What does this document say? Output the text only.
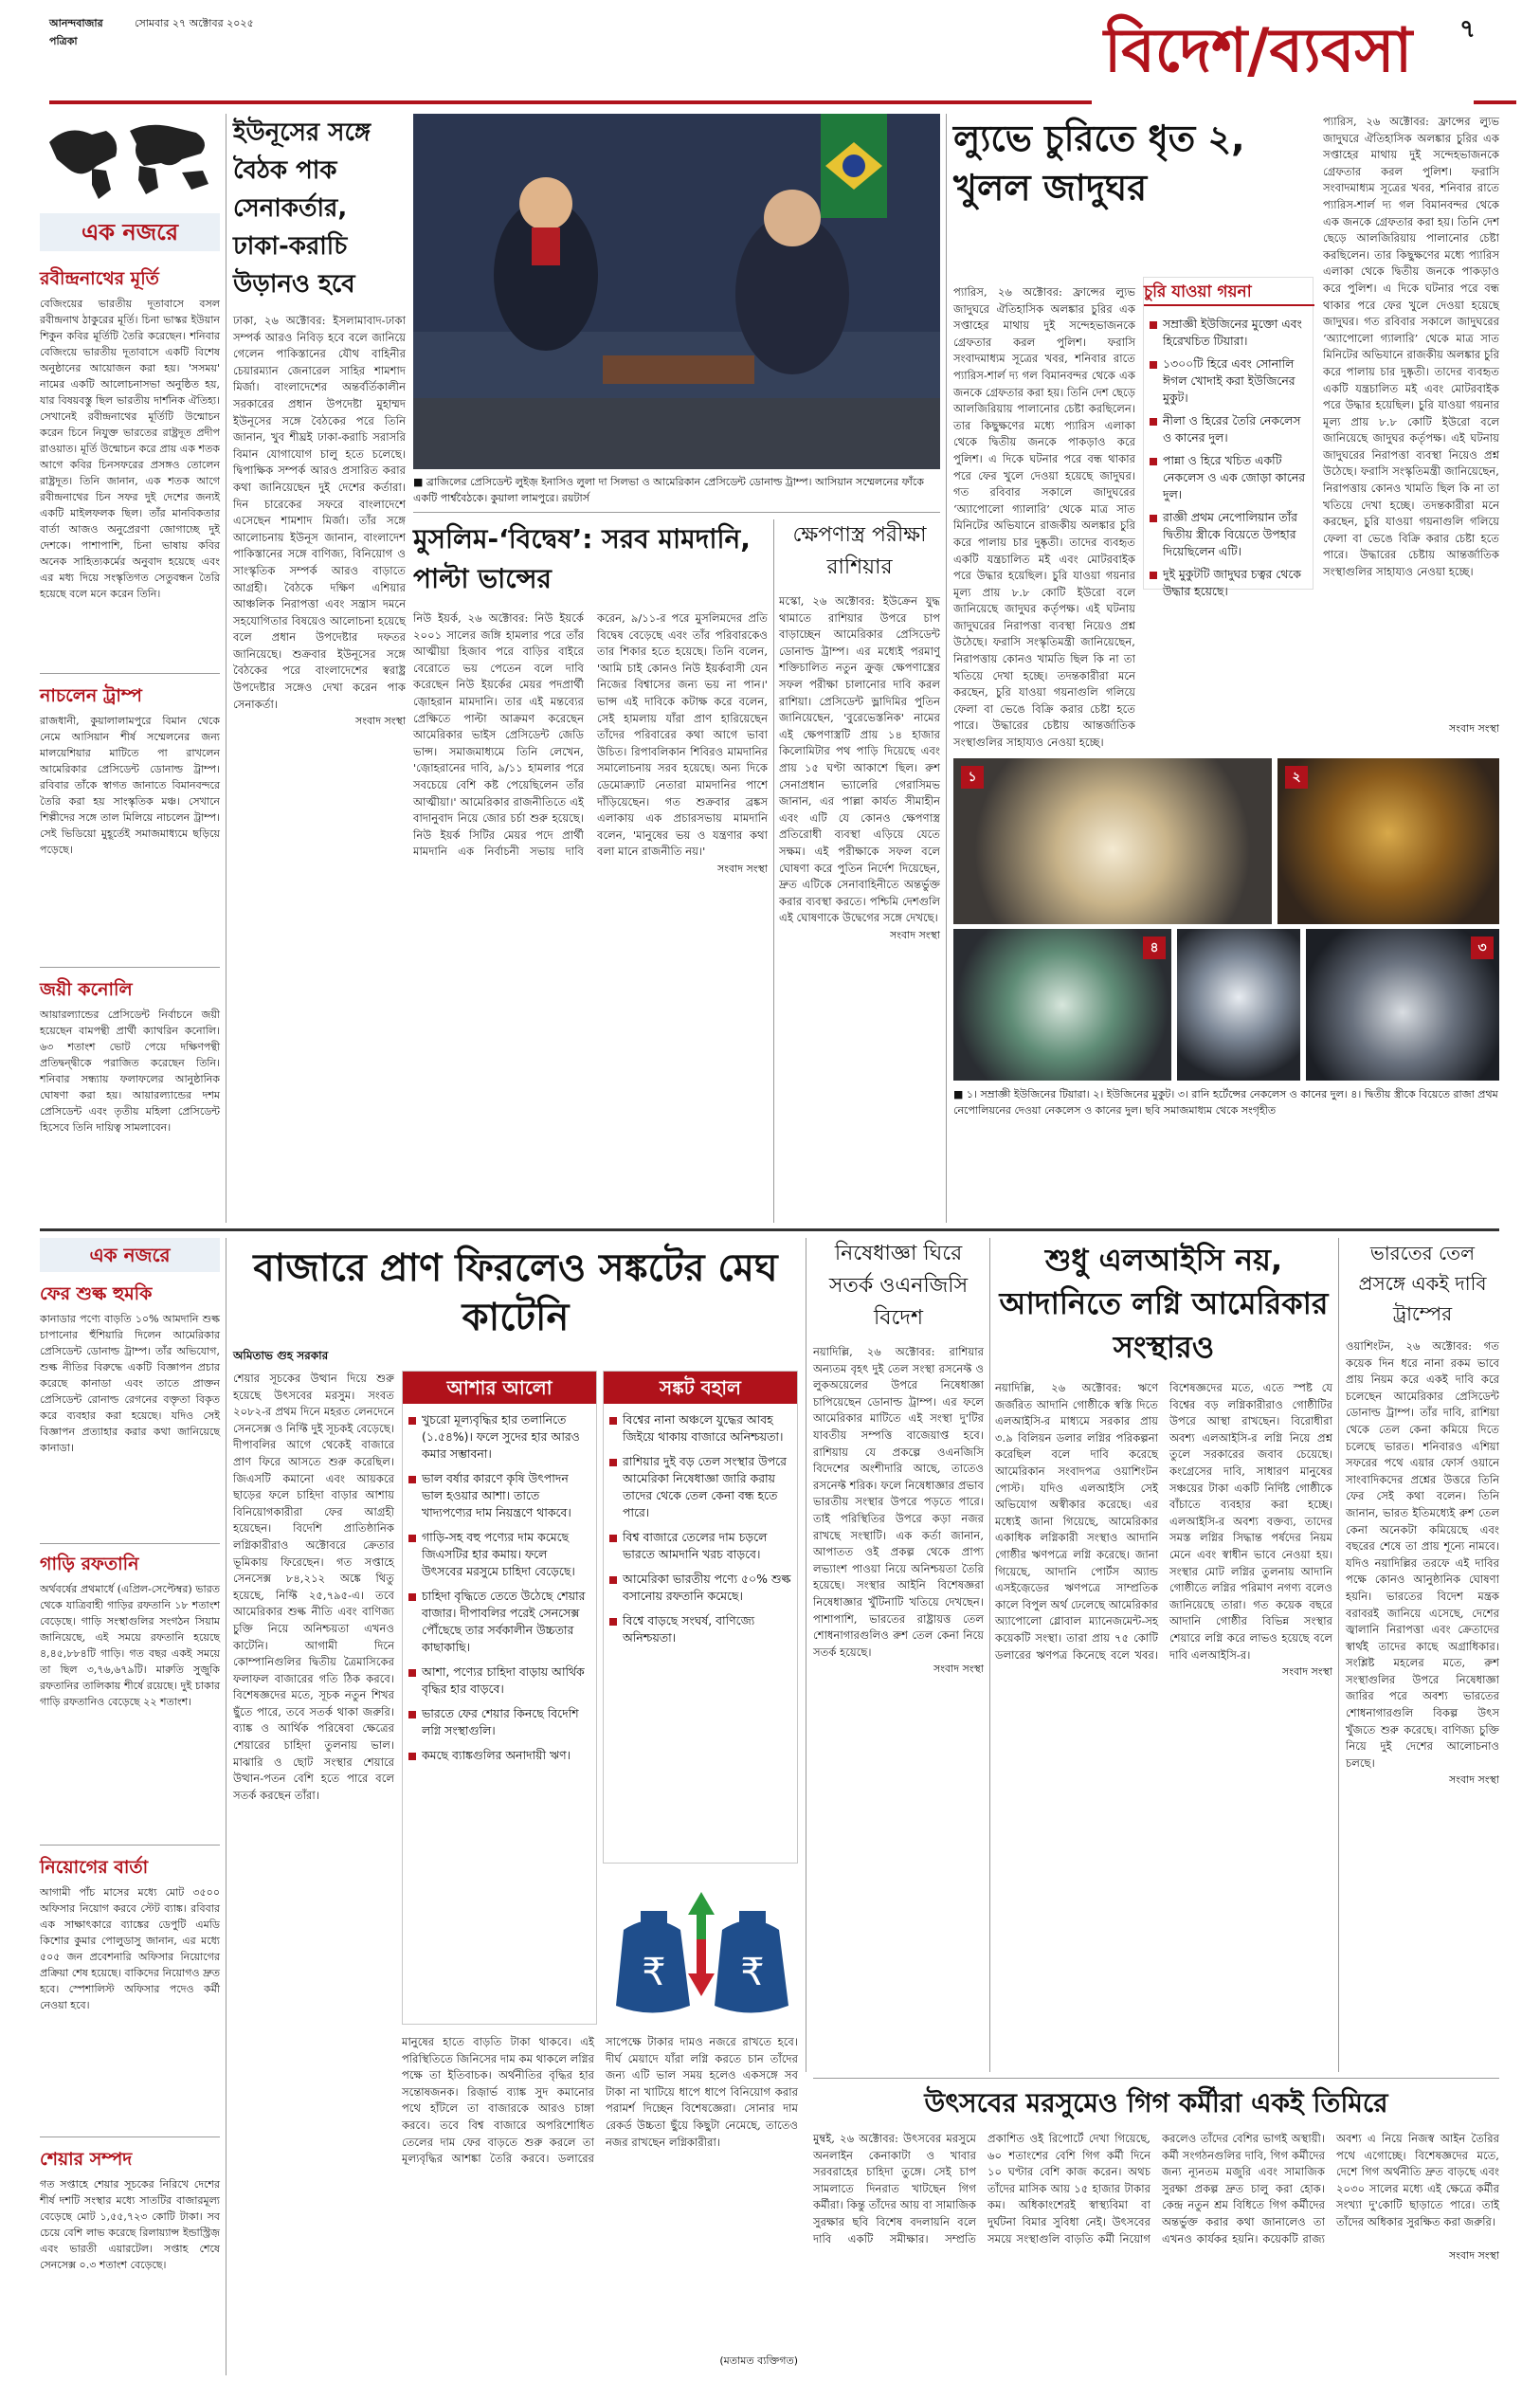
আনন্দবাজার পত্রিকা
সোমবার ২৭ অক্টোবর ২০২৫	বিদেশ/ব্যবসা	৭
এক নজরে
রবীন্দ্রনাথের মূর্তি
বেজিংয়ের ভারতীয় দূতাবাসে বসল রবীন্দ্রনাথ ঠাকুরের মূর্তি। চিনা ভাস্কর ইউয়ান শিকুন কবির মূর্তিটি তৈরি করেছেন। শনিবার বেজিংয়ে ভারতীয় দূতাবাসে একটি বিশেষ অনুষ্ঠানের আয়োজন করা হয়। 'সসময়' নামের একটি আলোচনাসভা অনুষ্ঠিত হয়, যার বিষয়বস্তু ছিল ভারতীয় দার্শনিক ঐতিহ্য। সেখানেই রবীন্দ্রনাথের মূর্তিটি উন্মোচন করেন চিনে নিযুক্ত ভারতের রাষ্ট্রদূত প্রদীপ রাওয়াত। মূর্তি উন্মোচন করে প্রায় এক শতক আগে কবির চিনসফরের প্রসঙ্গও তোলেন রাষ্ট্রদূত। তিনি জানান, এক শতক আগে রবীন্দ্রনাথের চিন সফর দুই দেশের জন্যই একটি মাইলফলক ছিল। তাঁর মানবিকতার বার্তা আজও অনুপ্রেরণা জোগাচ্ছে দুই দেশকে। পাশাপাশি, চিনা ভাষায় কবির অনেক সাহিত্যকর্মের অনুবাদ হয়েছে এবং এর মধ্য দিয়ে সংস্কৃতিগত সেতুবন্ধন তৈরি হয়েছে বলে মনে করেন তিনি।
নাচলেন ট্রাম্প
রাজধানী, কুয়ালালামপুরে বিমান থেকে নেমে আসিয়ান শীর্ষ সম্মেলনের জন্য মালয়েশিয়ার মাটিতে পা রাখলেন আমেরিকার প্রেসিডেন্ট ডোনাল্ড ট্রাম্প। রবিবার তাঁকে স্বাগত জানাতে বিমানবন্দরে তৈরি করা হয় সাংস্কৃতিক মঞ্চ। সেখানে শিল্পীদের সঙ্গে তাল মিলিয়ে নাচলেন ট্রাম্প। সেই ভিডিয়ো মুহূর্তেই সমাজমাধ্যমে ছড়িয়ে পড়েছে।
জয়ী কনোলি
আয়ারল্যান্ডের প্রেসিডেন্ট নির্বাচনে জয়ী হয়েছেন বামপন্থী প্রার্থী ক্যাথরিন কনোলি। ৬৩ শতাংশ ভোট পেয়ে দক্ষিণপন্থী প্রতিদ্বন্দ্বীকে পরাজিত করেছেন তিনি। শনিবার সন্ধ্যায় ফলাফলের আনুষ্ঠানিক ঘোষণা করা হয়। আয়ারল্যান্ডের দশম প্রেসিডেন্ট এবং তৃতীয় মহিলা প্রেসিডেন্ট হিসেবে তিনি দায়িত্ব সামলাবেন।
ইউনূসের সঙ্গে বৈঠক পাক সেনাকর্তার, ঢাকা-করাচি উড়ানও হবে
ঢাকা, ২৬ অক্টোবর: ইসলামাবাদ-ঢাকা সম্পর্ক আরও নিবিড় হবে বলে জানিয়ে গেলেন পাকিস্তানের যৌথ বাহিনীর চেয়ারম্যান জেনারেল সাহির শামশাদ মির্জা। বাংলাদেশের অন্তর্বর্তিকালীন সরকারের প্রধান উপদেষ্টা মুহাম্মদ ইউনূসের সঙ্গে বৈঠকের পরে তিনি জানান, খুব শীঘ্রই ঢাকা-করাচি সরাসরি বিমান যোগাযোগ চালু হতে চলেছে। দ্বিপাক্ষিক সম্পর্ক আরও প্রসারিত করার কথা জানিয়েছেন দুই দেশের কর্তারা। দিন চারেকের সফরে বাংলাদেশে এসেছেন শামশাদ মির্জা। তাঁর সঙ্গে আলোচনায় ইউনূস জানান, বাংলাদেশ পাকিস্তানের সঙ্গে বাণিজ্য, বিনিয়োগ ও সাংস্কৃতিক সম্পর্ক আরও বাড়াতে আগ্রহী। বৈঠকে দক্ষিণ এশিয়ার আঞ্চলিক নিরাপত্তা এবং সন্ত্রাস দমনে সহযোগিতার বিষয়েও আলোচনা হয়েছে বলে প্রধান উপদেষ্টার দফতর জানিয়েছে। শুক্রবার ইউনূসের সঙ্গে বৈঠকের পরে বাংলাদেশের স্বরাষ্ট্র উপদেষ্টার সঙ্গেও দেখা করেন পাক সেনাকর্তা।
সংবাদ সংস্থা
■ ব্রাজিলের প্রেসিডেন্ট লুইজ় ইনাসিও লুলা দা সিলভা ও আমেরিকান প্রেসিডেন্ট ডোনাল্ড ট্রাম্প। আসিয়ান সম্মেলনের ফাঁকে একটি পার্শ্ববৈঠকে। কুয়ালা লামপুরে। রয়টার্স
মুসলিম-‘বিদ্বেষ’: সরব মামদানি, পাল্টা ভান্সের
নিউ ইয়র্ক, ২৬ অক্টোবর: নিউ ইয়র্কে ২০০১ সালের জঙ্গি হামলার পরে তাঁর আত্মীয়া হিজাব পরে বাড়ির বাইরে বেরোতে ভয় পেতেন বলে দাবি করেছেন নিউ ইয়র্কের মেয়র পদপ্রার্থী জ়োহরান মামদানি। তার এই মন্তব্যের প্রেক্ষিতে পাল্টা আক্রমণ করেছেন আমেরিকার ভাইস প্রেসিডেন্ট জেডি ভান্স। সমাজমাধ্যমে তিনি লেখেন, 'জ়োহরানের দাবি, ৯/১১ হামলার পরে সবচেয়ে বেশি কষ্ট পেয়েছিলেন তাঁর আত্মীয়া।' আমেরিকার রাজনীতিতে এই বাদানুবাদ নিয়ে জোর চর্চা শুরু হয়েছে। নিউ ইয়র্ক সিটির মেয়র পদে প্রার্থী মামদানি এক নির্বাচনী সভায় দাবি করেন, ৯/১১-র পরে মুসলিমদের প্রতি বিদ্বেষ বেড়েছে এবং তাঁর পরিবারকেও তার শিকার হতে হয়েছে। তিনি বলেন, 'আমি চাই কোনও নিউ ইয়র্কবাসী যেন নিজের বিশ্বাসের জন্য ভয় না পান।' ভান্স এই দাবিকে কটাক্ষ করে বলেন, সেই হামলায় যাঁরা প্রাণ হারিয়েছেন তাঁদের পরিবারের কথা আগে ভাবা উচিত। রিপাবলিকান শিবিরও মামদানির সমালোচনায় সরব হয়েছে। অন্য দিকে ডেমোক্র্যাট নেতারা মামদানির পাশে দাঁড়িয়েছেন। গত শুক্রবার ব্রঙ্কস এলাকায় এক প্রচারসভায় মামদানি বলেন, 'মানুষের ভয় ও যন্ত্রণার কথা বলা মানে রাজনীতি নয়।'
সংবাদ সংস্থা
ক্ষেপণাস্ত্র পরীক্ষা রাশিয়ার
মস্কো, ২৬ অক্টোবর: ইউক্রেন যুদ্ধ থামাতে রাশিয়ার উপরে চাপ বাড়াচ্ছেন আমেরিকার প্রেসিডেন্ট ডোনাল্ড ট্রাম্প। এর মধ্যেই পরমাণু শক্তিচালিত নতুন ক্রুজ় ক্ষেপণাস্ত্রের সফল পরীক্ষা চালানোর দাবি করল রাশিয়া। প্রেসিডেন্ট ভ্লাদিমির পুতিন জানিয়েছেন, 'বুরেভেস্তনিক' নামের এই ক্ষেপণাস্ত্রটি প্রায় ১৪ হাজার কিলোমিটার পথ পাড়ি দিয়েছে এবং প্রায় ১৫ ঘণ্টা আকাশে ছিল। রুশ সেনাপ্রধান ভ্যালেরি গেরাসিমভ জানান, এর পাল্লা কার্যত সীমাহীন এবং এটি যে কোনও ক্ষেপণাস্ত্র প্রতিরোধী ব্যবস্থা এড়িয়ে যেতে সক্ষম। এই পরীক্ষাকে সফল বলে ঘোষণা করে পুতিন নির্দেশ দিয়েছেন, দ্রুত এটিকে সেনাবাহিনীতে অন্তর্ভুক্ত করার ব্যবস্থা করতে। পশ্চিমি দেশগুলি এই ঘোষণাকে উদ্বেগের সঙ্গে দেখছে।
সংবাদ সংস্থা
ল্যুভে চুরিতে ধৃত ২, খুলল জাদুঘর
প্যারিস, ২৬ অক্টোবর: ফ্রান্সের ল্যুভ জাদুঘরে ঐতিহাসিক অলঙ্কার চুরির এক সপ্তাহের মাথায় দুই সন্দেহভাজনকে গ্রেফতার করল পুলিশ। ফরাসি সংবাদমাধ্যম সূত্রের খবর, শনিবার রাতে প্যারিস-শার্ল দ্য গল বিমানবন্দর থেকে এক জনকে গ্রেফতার করা হয়। তিনি দেশ ছেড়ে আলজিরিয়ায় পালানোর চেষ্টা করছিলেন। তার কিছুক্ষণের মধ্যে প্যারিস এলাকা থেকে দ্বিতীয় জনকে পাকড়াও করে পুলিশ। এ দিকে ঘটনার পরে বন্ধ থাকার পরে ফের খুলে দেওয়া হয়েছে জাদুঘর। গত রবিবার সকালে জাদুঘরের ‘অ্যাপোলো গ্যালারি’ থেকে মাত্র সাত মিনিটের অভিযানে রাজকীয় অলঙ্কার চুরি করে পালায় চার দুষ্কৃতী। তাদের ব্যবহৃত একটি যন্ত্রচালিত মই এবং মোটরবাইক পরে উদ্ধার হয়েছিল। চুরি যাওয়া গয়নার মূল্য প্রায় ৮.৮ কোটি ইউরো বলে জানিয়েছে জাদুঘর কর্তৃপক্ষ। এই ঘটনায় জাদুঘরের নিরাপত্তা ব্যবস্থা নিয়েও প্রশ্ন উঠেছে। ফরাসি সংস্কৃতিমন্ত্রী জানিয়েছেন, নিরাপত্তায় কোনও খামতি ছিল কি না তা খতিয়ে দেখা হচ্ছে। তদন্তকারীরা মনে করছেন, চুরি যাওয়া গয়নাগুলি গলিয়ে ফেলা বা ভেঙে বিক্রি করার চেষ্টা হতে পারে। উদ্ধারের চেষ্টায় আন্তর্জাতিক সংস্থাগুলির সাহায্যও নেওয়া হচ্ছে।
চুরি যাওয়া গয়না
সম্রাজ্ঞী ইউজিনের মুক্তো এবং হিরেখচিত টিয়ারা।
১৩০০টি হিরে এবং সোনালি ঈগল খোদাই করা ইউজিনের মুকুট।
নীলা ও হিরের তৈরি নেকলেস ও কানের দুল।
পান্না ও হিরে খচিত একটি নেকলেস ও এক জোড়া কানের দুল।
রাজ্ঞী প্রথম নেপোলিয়ান তাঁর দ্বিতীয় স্ত্রীকে বিয়েতে উপহার দিয়েছিলেন এটি।
দুই মুকুটটি জাদুঘর চত্বর থেকে উদ্ধার হয়েছে।
প্যারিস, ২৬ অক্টোবর: ফ্রান্সের ল্যুভ জাদুঘরে ঐতিহাসিক অলঙ্কার চুরির এক সপ্তাহের মাথায় দুই সন্দেহভাজনকে গ্রেফতার করল পুলিশ। ফরাসি সংবাদমাধ্যম সূত্রের খবর, শনিবার রাতে প্যারিস-শার্ল দ্য গল বিমানবন্দর থেকে এক জনকে গ্রেফতার করা হয়। তিনি দেশ ছেড়ে আলজিরিয়ায় পালানোর চেষ্টা করছিলেন। তার কিছুক্ষণের মধ্যে প্যারিস এলাকা থেকে দ্বিতীয় জনকে পাকড়াও করে পুলিশ। এ দিকে ঘটনার পরে বন্ধ থাকার পরে ফের খুলে দেওয়া হয়েছে জাদুঘর। গত রবিবার সকালে জাদুঘরের ‘অ্যাপোলো গ্যালারি’ থেকে মাত্র সাত মিনিটের অভিযানে রাজকীয় অলঙ্কার চুরি করে পালায় চার দুষ্কৃতী। তাদের ব্যবহৃত একটি যন্ত্রচালিত মই এবং মোটরবাইক পরে উদ্ধার হয়েছিল। চুরি যাওয়া গয়নার মূল্য প্রায় ৮.৮ কোটি ইউরো বলে জানিয়েছে জাদুঘর কর্তৃপক্ষ। এই ঘটনায় জাদুঘরের নিরাপত্তা ব্যবস্থা নিয়েও প্রশ্ন উঠেছে। ফরাসি সংস্কৃতিমন্ত্রী জানিয়েছেন, নিরাপত্তায় কোনও খামতি ছিল কি না তা খতিয়ে দেখা হচ্ছে। তদন্তকারীরা মনে করছেন, চুরি যাওয়া গয়নাগুলি গলিয়ে ফেলা বা ভেঙে বিক্রি করার চেষ্টা হতে পারে। উদ্ধারের চেষ্টায় আন্তর্জাতিক সংস্থাগুলির সাহায্যও নেওয়া হচ্ছে।
সংবাদ সংস্থা
১	২
৪	৩
■ ১। সম্রাজ্ঞী ইউজিনের টিয়ারা। ২। ইউজিনের মুকুট। ৩। রানি হর্টেন্সের নেকলেস ও কানের দুল। ৪। দ্বিতীয় স্ত্রীকে বিয়েতে রাজা প্রথম নেপোলিয়নের দেওয়া নেকলেস ও কানের দুল। ছবি সমাজমাধ্যম থেকে সংগৃহীত
এক নজরে
ফের শুল্ক হুমকি
কানাডার পণ্যে বাড়তি ১০% আমদানি শুল্ক চাপানোর হুঁশিয়ারি দিলেন আমেরিকার প্রেসিডেন্ট ডোনাল্ড ট্রাম্প। তাঁর অভিযোগ, শুল্ক নীতির বিরুদ্ধে একটি বিজ্ঞাপন প্রচার করেছে কানাডা এবং তাতে প্রাক্তন প্রেসিডেন্ট রোনাল্ড রেগনের বক্তৃতা বিকৃত করে ব্যবহার করা হয়েছে। যদিও সেই বিজ্ঞাপন প্রত্যাহার করার কথা জানিয়েছে কানাডা।
গাড়ি রফতানি
অর্থবর্ষের প্রথমার্ধে (এপ্রিল-সেপ্টেম্বর) ভারত থেকে যাত্রিবাহী গাড়ির রফতানি ১৮ শতাংশ বেড়েছে। গাড়ি সংস্থাগুলির সংগঠন সিয়াম জানিয়েছে, এই সময়ে রফতানি হয়েছে ৪,৪৫,৮৮৪টি গাড়ি। গত বছর একই সময়ে তা ছিল ৩,৭৬,৬৭৯টি। মারুতি সুজ়ুকি রফতানির তালিকায় শীর্ষে রয়েছে। দুই চাকার গাড়ি রফতানিও বেড়েছে ২২ শতাংশ।
নিয়োগের বার্তা
আগামী পাঁচ মাসের মধ্যে মোট ৩৫০০ অফিসার নিয়োগ করবে স্টেট ব্যাঙ্ক। রবিবার এক সাক্ষাৎকারে ব্যাঙ্কের ডেপুটি এমডি কিশোর কুমার পোলুডাসু জানান, এর মধ্যে ৫০৫ জন প্রবেশনারি অফিসার নিয়োগের প্রক্রিয়া শেষ হয়েছে। বাকিদের নিয়োগও দ্রুত হবে। স্পেশালিস্ট অফিসার পদেও কর্মী নেওয়া হবে।
শেয়ার সম্পদ
গত সপ্তাহে শেয়ার সূচকের নিরিখে দেশের শীর্ষ দশটি সংস্থার মধ্যে সাতটির বাজারমূল্য বেড়েছে মোট ১,৫৫,৭২৩ কোটি টাকা। সব চেয়ে বেশি লাভ করেছে রিলায়্যান্স ইন্ডাস্ট্রিজ় এবং ভারতী এয়ারটেল। সপ্তাহ শেষে সেনসেক্স ০.৩ শতাংশ বেড়েছে।
বাজারে প্রাণ ফিরলেও সঙ্কটের মেঘ কাটেনি
অমিতাভ গুহ সরকার
শেয়ার সূচকের উত্থান দিয়ে শুরু হয়েছে উৎসবের মরসুম। সংবত ২০৮২-র প্রথম দিনে মহরত লেনদেনে সেনসেক্স ও নিফ্টি দুই সূচকই বেড়েছে। দীপাবলির আগে থেকেই বাজারে প্রাণ ফিরে আসতে শুরু করেছিল। জিএসটি কমানো এবং আয়করে ছাড়ের ফলে চাহিদা বাড়ার আশায় বিনিয়োগকারীরা ফের আগ্রহী হয়েছেন। বিদেশি প্রাতিষ্ঠানিক লগ্নিকারীরাও অক্টোবরে ক্রেতার ভূমিকায় ফিরেছেন। গত সপ্তাহে সেনসেক্স ৮৪,২১২ অঙ্কে থিতু হয়েছে, নিফ্টি ২৫,৭৯৫-এ। তবে আমেরিকার শুল্ক নীতি এবং বাণিজ্য চুক্তি নিয়ে অনিশ্চয়তা এখনও কাটেনি। আগামী দিনে কোম্পানিগুলির দ্বিতীয় ত্রৈমাসিকের ফলাফল বাজারের গতি ঠিক করবে। বিশেষজ্ঞদের মতে, সূচক নতুন শিখর ছুঁতে পারে, তবে সতর্ক থাকা জরুরি। ব্যাঙ্ক ও আর্থিক পরিষেবা ক্ষেত্রের শেয়ারের চাহিদা তুলনায় ভাল। মাঝারি ও ছোট সংস্থার শেয়ারে উত্থান-পতন বেশি হতে পারে বলে সতর্ক করছেন তাঁরা।
আশার আলো
খুচরো মূল্যবৃদ্ধির হার তলানিতে (১.৫৪%)। ফলে সুদের হার আরও কমার সম্ভাবনা।
ভাল বর্ষার কারণে কৃষি উৎপাদন ভাল হওয়ার আশা। তাতে খাদ্যপণ্যের দাম নিয়ন্ত্রণে থাকবে।
গাড়ি-সহ বহু পণ্যের দাম কমেছে জিএসটির হার কমায়। ফলে উৎসবের মরসুমে চাহিদা বেড়েছে।
চাহিদা বৃদ্ধিতে তেতে উঠেছে শেয়ার বাজার। দীপাবলির পরেই সেনসেক্স পৌঁছেছে তার সর্বকালীন উচ্চতার কাছাকাছি।
আশা, পণ্যের চাহিদা বাড়ায় আর্থিক বৃদ্ধির হার বাড়বে।
ভারতে ফের শেয়ার কিনছে বিদেশি লগ্নি সংস্থাগুলি।
কমছে ব্যাঙ্কগুলির অনাদায়ী ঋণ।
সঙ্কট বহাল
বিশ্বের নানা অঞ্চলে যুদ্ধের আবহ জিইয়ে থাকায় বাজারে অনিশ্চয়তা।
রাশিয়ার দুই বড় তেল সংস্থার উপরে আমেরিকা নিষেধাজ্ঞা জারি করায় তাদের থেকে তেল কেনা বন্ধ হতে পারে।
বিশ্ব বাজারে তেলের দাম চড়লে ভারতে আমদানি খরচ বাড়বে।
আমেরিকা ভারতীয় পণ্যে ৫০% শুল্ক বসানোয় রফতানি কমেছে।
বিশ্বে বাড়ছে সংঘর্ষ, বাণিজ্যে অনিশ্চয়তা।
₹ ₹
মানুষের হাতে বাড়তি টাকা থাকবে। এই পরিস্থিতিতে জিনিসের দাম কম থাকলে লগ্নির পক্ষে তা ইতিবাচক। অর্থনীতির বৃদ্ধির হার সন্তোষজনক। রিজ়ার্ভ ব্যাঙ্ক সুদ কমানোর পথে হাঁটলে তা বাজারকে আরও চাঙ্গা করবে। তবে বিশ্ব বাজারে অপরিশোধিত তেলের দাম ফের বাড়তে শুরু করলে তা মূল্যবৃদ্ধির আশঙ্কা তৈরি করবে। ডলারের সাপেক্ষে টাকার দামও নজরে রাখতে হবে। দীর্ঘ মেয়াদে যাঁরা লগ্নি করতে চান তাঁদের জন্য এটি ভাল সময় হলেও একসঙ্গে সব টাকা না খাটিয়ে ধাপে ধাপে বিনিয়োগ করার পরামর্শ দিচ্ছেন বিশেষজ্ঞেরা। সোনার দাম রেকর্ড উচ্চতা ছুঁয়ে কিছুটা নেমেছে, তাতেও নজর রাখছেন লগ্নিকারীরা।
(মতামত ব্যক্তিগত)
নিষেধাজ্ঞা ঘিরে সতর্ক ওএনজিসি বিদেশ
নয়াদিল্লি, ২৬ অক্টোবর: রাশিয়ার অন্যতম বৃহৎ দুই তেল সংস্থা রসনেফ্ট ও লুকঅয়েলের উপরে নিষেধাজ্ঞা চাপিয়েছেন ডোনাল্ড ট্রাম্প। এর ফলে আমেরিকার মাটিতে এই সংস্থা দু'টির যাবতীয় সম্পত্তি বাজেয়াপ্ত হবে। রাশিয়ায় যে প্রকল্পে ওএনজিসি বিদেশের অংশীদারি আছে, তাতেও রসনেফ্ট শরিক। ফলে নিষেধাজ্ঞার প্রভাব ভারতীয় সংস্থার উপরে পড়তে পারে। তাই পরিস্থিতির উপরে কড়া নজর রাখছে সংস্থাটি। এক কর্তা জানান, আপাতত ওই প্রকল্প থেকে প্রাপ্য লভ্যাংশ পাওয়া নিয়ে অনিশ্চয়তা তৈরি হয়েছে। সংস্থার আইনি বিশেষজ্ঞরা নিষেধাজ্ঞার খুঁটিনাটি খতিয়ে দেখছেন। পাশাপাশি, ভারতের রাষ্ট্রায়ত্ত তেল শোধনাগারগুলিও রুশ তেল কেনা নিয়ে সতর্ক হয়েছে।
সংবাদ সংস্থা
শুধু এলআইসি নয়, আদানিতে লগ্নি আমেরিকার সংস্থারও
নয়াদিল্লি, ২৬ অক্টোবর: ঋণে জর্জরিত আদানি গোষ্ঠীকে স্বস্তি দিতে এলআইসি-র মাধ্যমে সরকার প্রায় ৩.৯ বিলিয়ন ডলার লগ্নির পরিকল্পনা করেছিল বলে দাবি করেছে আমেরিকান সংবাদপত্র ওয়াশিংটন পোস্ট। যদিও এলআইসি সেই অভিযোগ অস্বীকার করেছে। এর মধ্যেই জানা গিয়েছে, আমেরিকার একাধিক লগ্নিকারী সংস্থাও আদানি গোষ্ঠীর ঋণপত্রে লগ্নি করেছে। জানা গিয়েছে, আদানি পোর্টস অ্যান্ড এসইজ়েডের ঋণপত্রে সাম্প্রতিক কালে বিপুল অর্থ ঢেলেছে আমেরিকার অ্যাপোলো গ্লোবাল ম্যানেজমেন্ট-সহ কয়েকটি সংস্থা। তারা প্রায় ৭৫ কোটি ডলারের ঋণপত্র কিনেছে বলে খবর। বিশেষজ্ঞদের মতে, এতে স্পষ্ট যে বিশ্বের বড় লগ্নিকারীরাও গোষ্ঠীটির উপরে আস্থা রাখছেন। বিরোধীরা অবশ্য এলআইসি-র লগ্নি নিয়ে প্রশ্ন তুলে সরকারের জবাব চেয়েছে। কংগ্রেসের দাবি, সাধারণ মানুষের সঞ্চয়ের টাকা একটি নির্দিষ্ট গোষ্ঠীকে বাঁচাতে ব্যবহার করা হচ্ছে। এলআইসি-র অবশ্য বক্তব্য, তাদের সমস্ত লগ্নির সিদ্ধান্ত পর্ষদের নিয়ম মেনে এবং স্বাধীন ভাবে নেওয়া হয়। সংস্থার মোট লগ্নির তুলনায় আদানি গোষ্ঠীতে লগ্নির পরিমাণ নগণ্য বলেও জানিয়েছে তারা। গত কয়েক বছরে আদানি গোষ্ঠীর বিভিন্ন সংস্থার শেয়ারে লগ্নি করে লাভও হয়েছে বলে দাবি এলআইসি-র।
সংবাদ সংস্থা
ভারতের তেল প্রসঙ্গে একই দাবি ট্রাম্পের
ওয়াশিংটন, ২৬ অক্টোবর: গত কয়েক দিন ধরে নানা রকম ভাবে প্রায় নিয়ম করে একই দাবি করে চলেছেন আমেরিকার প্রেসিডেন্ট ডোনাল্ড ট্রাম্প। তাঁর দাবি, রাশিয়া থেকে তেল কেনা কমিয়ে দিতে চলেছে ভারত। শনিবারও এশিয়া সফরের পথে এয়ার ফোর্স ওয়ানে সাংবাদিকদের প্রশ্নের উত্তরে তিনি ফের সেই কথা বলেন। তিনি জানান, ভারত ইতিমধ্যেই রুশ তেল কেনা অনেকটা কমিয়েছে এবং বছরের শেষে তা প্রায় শূন্যে নামবে। যদিও নয়াদিল্লির তরফে এই দাবির পক্ষে কোনও আনুষ্ঠানিক ঘোষণা হয়নি। ভারতের বিদেশ মন্ত্রক বরাবরই জানিয়ে এসেছে, দেশের জ্বালানি নিরাপত্তা এবং ক্রেতাদের স্বার্থই তাদের কাছে অগ্রাধিকার। সংশ্লিষ্ট মহলের মতে, রুশ সংস্থাগুলির উপরে নিষেধাজ্ঞা জারির পরে অবশ্য ভারতের শোধনাগারগুলি বিকল্প উৎস খুঁজতে শুরু করেছে। বাণিজ্য চুক্তি নিয়ে দুই দেশের আলোচনাও চলছে।
সংবাদ সংস্থা
উৎসবের মরসুমেও গিগ কর্মীরা একই তিমিরে
মুম্বই, ২৬ অক্টোবর: উৎসবের মরসুমে অনলাইন কেনাকাটা ও খাবার সরবরাহের চাহিদা তুঙ্গে। সেই চাপ সামলাতে দিনরাত খাটছেন গিগ কর্মীরা। কিন্তু তাঁদের আয় বা সামাজিক সুরক্ষার ছবি বিশেষ বদলায়নি বলে দাবি একটি সমীক্ষার। সম্প্রতি প্রকাশিত ওই রিপোর্টে দেখা গিয়েছে, ৬০ শতাংশের বেশি গিগ কর্মী দিনে ১০ ঘণ্টার বেশি কাজ করেন। অথচ তাঁদের মাসিক আয় ১৫ হাজার টাকার কম। অধিকাংশেরই স্বাস্থ্যবিমা বা দুর্ঘটনা বিমার সুবিধা নেই। উৎসবের সময়ে সংস্থাগুলি বাড়তি কর্মী নিয়োগ করলেও তাঁদের বেশির ভাগই অস্থায়ী। কর্মী সংগঠনগুলির দাবি, গিগ কর্মীদের জন্য ন্যূনতম মজুরি এবং সামাজিক সুরক্ষা প্রকল্প দ্রুত চালু করা হোক। কেন্দ্র নতুন শ্রম বিধিতে গিগ কর্মীদের অন্তর্ভুক্ত করার কথা জানালেও তা এখনও কার্যকর হয়নি। কয়েকটি রাজ্য অবশ্য এ নিয়ে নিজস্ব আইন তৈরির পথে এগোচ্ছে। বিশেষজ্ঞদের মতে, দেশে গিগ অর্থনীতি দ্রুত বাড়ছে এবং ২০৩০ সালের মধ্যে এই ক্ষেত্রে কর্মীর সংখ্যা দু'কোটি ছাড়াতে পারে। তাই তাঁদের অধিকার সুরক্ষিত করা জরুরি।
সংবাদ সংস্থা
